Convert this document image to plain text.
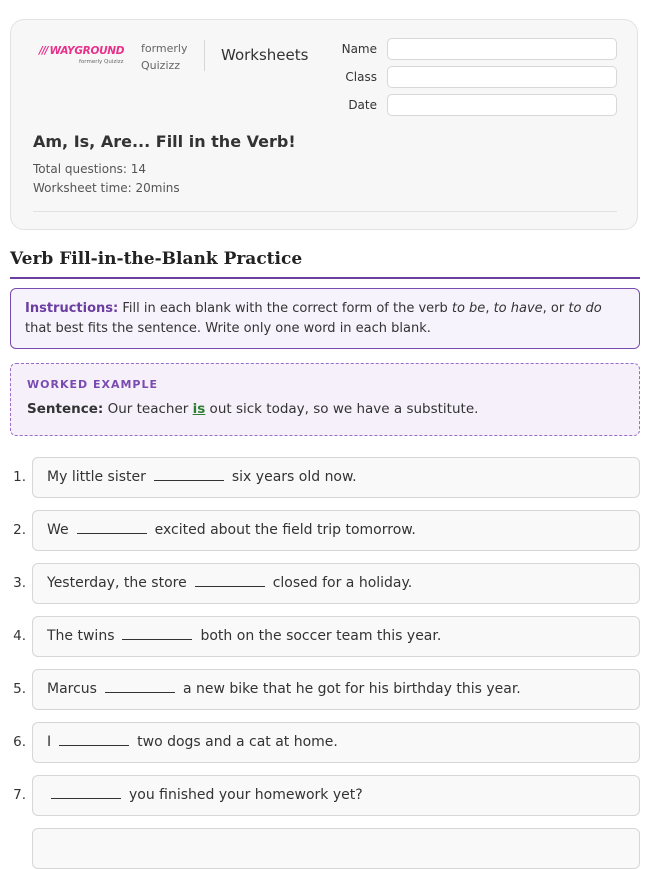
/// WAYGROUND
formerly Quizizz
formerly
Quizizz
Worksheets	Name
Class
Date
Am, Is, Are... Fill in the Verb!
Total questions: 14
Worksheet time: 20mins
Verb Fill-in-the-Blank Practice
Instructions: Fill in each blank with the correct form of the verb to be, to have, or to do that best fits the sentence. Write only one word in each blank.
WORKED EXAMPLE
Sentence: Our teacher is out sick today, so we have a substitute.
1.	My little sister	six years old now.
2.	We	excited about the field trip tomorrow.
3.	Yesterday, the store	closed for a holiday.
4.	The twins	both on the soccer team this year.
5.	Marcus	a new bike that he got for his birthday this year.
6.	I	two dogs and a cat at home.
7.	you finished your homework yet?
